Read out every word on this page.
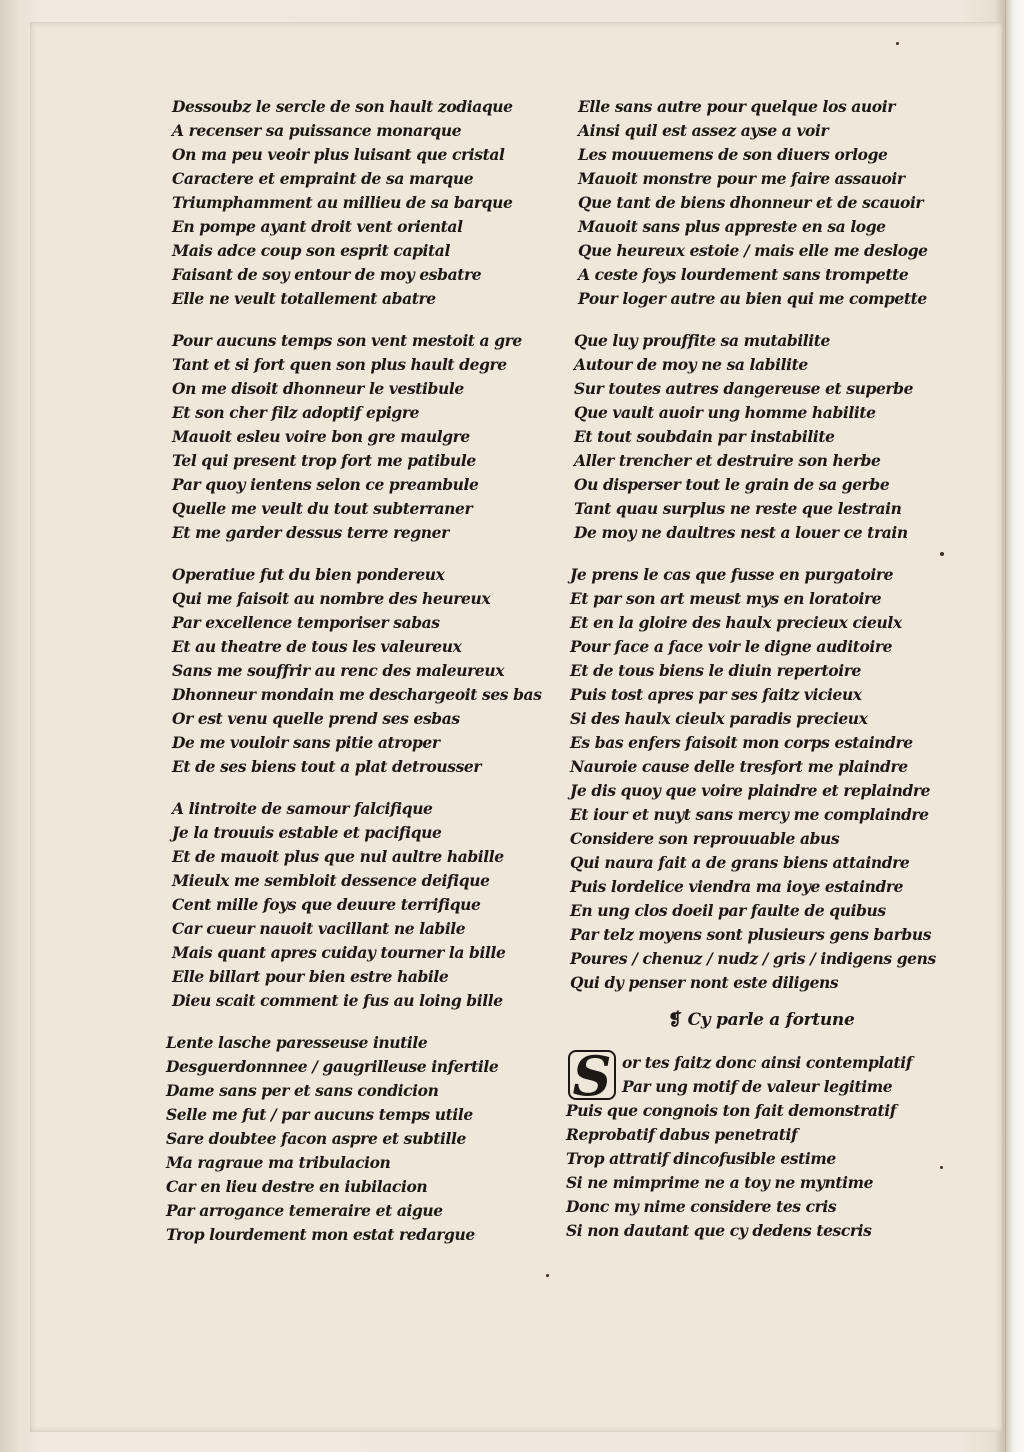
Dessoubz le sercle de son hault zodiaque
A recenser sa puissance monarque
On ma peu veoir plus luisant que cristal
Caractere et empraint de sa marque
Triumphamment au millieu de sa barque
En pompe ayant droit vent oriental
Mais adce coup son esprit capital
Faisant de soy entour de moy esbatre
Elle ne veult totallement abatre
Pour aucuns temps son vent mestoit a gre
Tant et si fort quen son plus hault degre
On me disoit dhonneur le vestibule
Et son cher filz adoptif epigre
Mauoit esleu voire bon gre maulgre
Tel qui present trop fort me patibule
Par quoy ientens selon ce preambule
Quelle me veult du tout subterraner
Et me garder dessus terre regner
Operatiue fut du bien pondereux
Qui me faisoit au nombre des heureux
Par excellence temporiser sabas
Et au theatre de tous les valeureux
Sans me souffrir au renc des maleureux
Dhonneur mondain me deschargeoit ses bas
Or est venu quelle prend ses esbas
De me vouloir sans pitie atroper
Et de ses biens tout a plat detrousser
A lintroite de samour falcifique
Je la trouuis estable et pacifique
Et de mauoit plus que nul aultre habille
Mieulx me sembloit dessence deifique
Cent mille foys que deuure terrifique
Car cueur nauoit vacillant ne labile
Mais quant apres cuiday tourner la bille
Elle billart pour bien estre habile
Dieu scait comment ie fus au loing bille
Lente lasche paresseuse inutile
Desguerdonnnee / gaugrilleuse infertile
Dame sans per et sans condicion
Selle me fut / par aucuns temps utile
Sare doubtee facon aspre et subtille
Ma ragraue ma tribulacion
Car en lieu destre en iubilacion
Par arrogance temeraire et aigue
Trop lourdement mon estat redargue
Elle sans autre pour quelque los auoir
Ainsi quil est assez ayse a voir
Les mouuemens de son diuers orloge
Mauoit monstre pour me faire assauoir
Que tant de biens dhonneur et de scauoir
Mauoit sans plus appreste en sa loge
Que heureux estoie / mais elle me desloge
A ceste foys lourdement sans trompette
Pour loger autre au bien qui me compette
Que luy prouffite sa mutabilite
Autour de moy ne sa labilite
Sur toutes autres dangereuse et superbe
Que vault auoir ung homme habilite
Et tout soubdain par instabilite
Aller trencher et destruire son herbe
Ou disperser tout le grain de sa gerbe
Tant quau surplus ne reste que lestrain
De moy ne daultres nest a louer ce train
Je prens le cas que fusse en purgatoire
Et par son art meust mys en loratoire
Et en la gloire des haulx precieux cieulx
Pour face a face voir le digne auditoire
Et de tous biens le diuin repertoire
Puis tost apres par ses faitz vicieux
Si des haulx cieulx paradis precieux
Es bas enfers faisoit mon corps estaindre
Nauroie cause delle tresfort me plaindre
Je dis quoy que voire plaindre et replaindre
Et iour et nuyt sans mercy me complaindre
Considere son reprouuable abus
Qui naura fait a de grans biens attaindre
Puis lordelice viendra ma ioye estaindre
En ung clos doeil par faulte de quibus
Par telz moyens sont plusieurs gens barbus
Poures / chenuz / nudz / gris / indigens gens
Qui dy penser nont este diligens
❡ Cy parle a fortune
S or tes faitz donc ainsi contemplatif
Par ung motif de valeur legitime
Puis que congnois ton fait demonstratif
Reprobatif dabus penetratif
Trop attratif dincofusible estime
Si ne mimprime ne a toy ne myntime
Donc my nime considere tes cris
Si non dautant que cy dedens tescris
